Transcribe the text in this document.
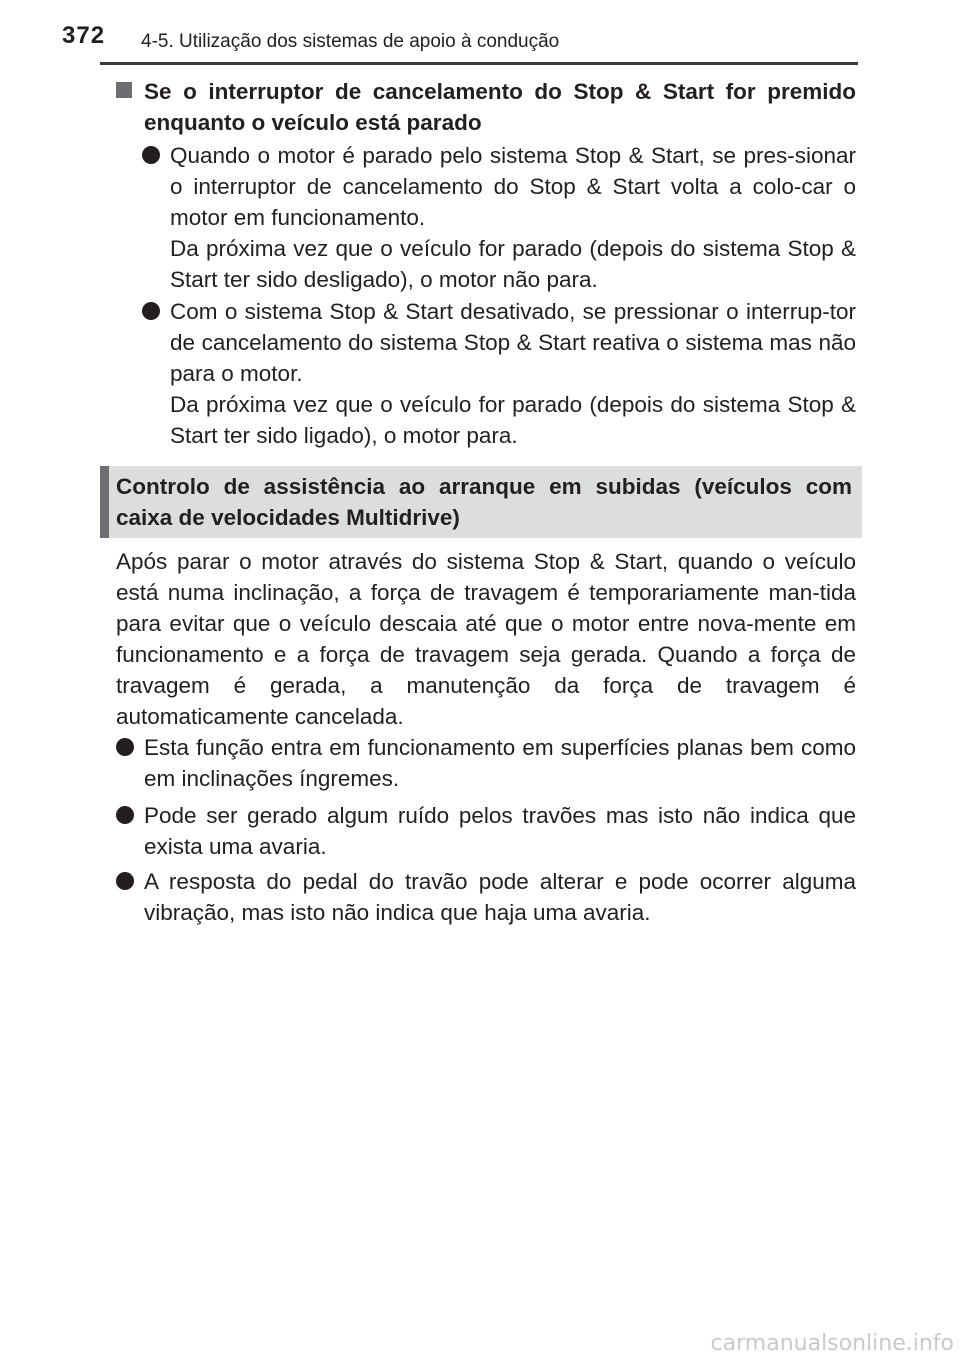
372 4-5. Utilização dos sistemas de apoio à condução
Se o interruptor de cancelamento do Stop & Start for premido enquanto o veículo está parado

Quando o motor é parado pelo sistema Stop & Start, se pres-sionar o interruptor de cancelamento do Stop & Start volta a colo-car o motor em funcionamento.

Da próxima vez que o veículo for parado (depois do sistema Stop & Start ter sido desligado), o motor não para.

Com o sistema Stop & Start desativado, se pressionar o interrup-tor de cancelamento do sistema Stop & Start reativa o sistema mas não para o motor.

Da próxima vez que o veículo for parado (depois do sistema Stop & Start ter sido ligado), o motor para.

Controlo de assistência ao arranque em subidas (veículos com caixa de velocidades Multidrive)
Após parar o motor através do sistema Stop & Start, quando o veículo está numa inclinação, a força de travagem é temporariamente man-tida para evitar que o veículo descaia até que o motor entre nova-mente em funcionamento e a força de travagem seja gerada. Quando a força de travagem é gerada, a manutenção da força de travagem é automaticamente cancelada.
Esta função entra em funcionamento em superfícies planas bem como em inclinações íngremes.
Pode ser gerado algum ruído pelos travões mas isto não indica que exista uma avaria.
A resposta do pedal do travão pode alterar e pode ocorrer alguma vibração, mas isto não indica que haja uma avaria.
carmanualsonline.info
